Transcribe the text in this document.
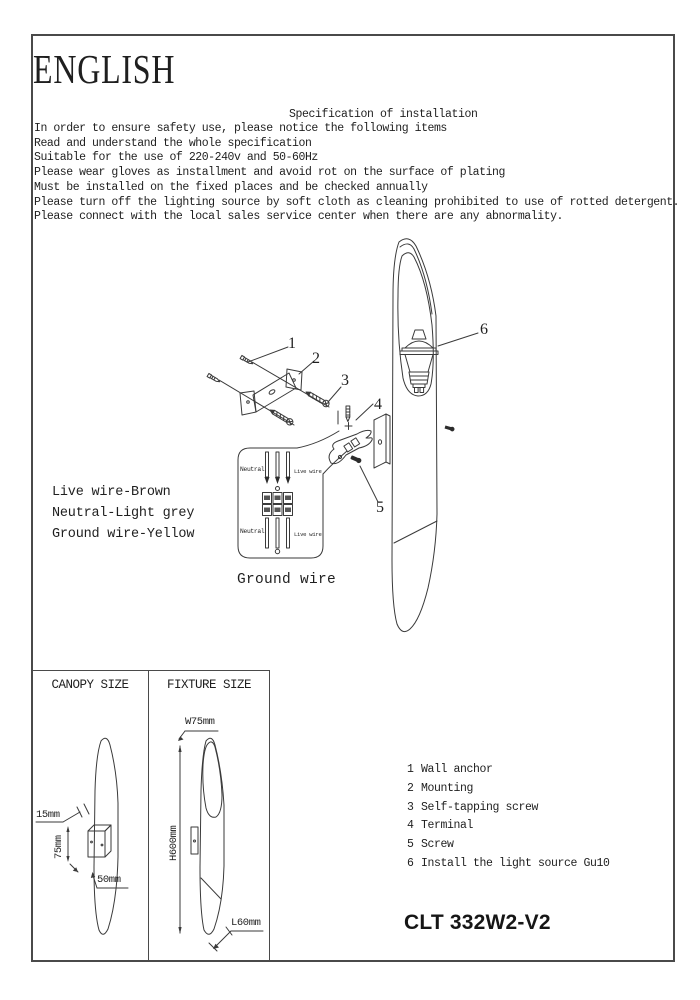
ENGLISH
Specification of installation
In order to ensure safety use, please notice the following items
Read and understand the whole specification
Suitable for the use of 220-240v and 50-60Hz
Please wear gloves as installment and avoid rot on the surface of plating
Must be installed on the fixed places and be checked annually
Please turn off the lighting source by soft cloth as cleaning prohibited to use of rotted detergent.
Please connect with the local sales service center when there are any abnormality.
1
2
3
4
5
6
Live wire-Brown
Neutral-Light grey
Ground wire-Yellow
Neutral	Live wire
Neutral	Live wire
Ground wire
CANOPY SIZE	FIXTURE SIZE
15mm
75mm
50mm
W75mm
H600mm
L60mm
1 Wall anchor
2 Mounting
3 Self-tapping screw
4 Terminal
5 Screw
6 Install the light source Gu10
CLT 332W2-V2
